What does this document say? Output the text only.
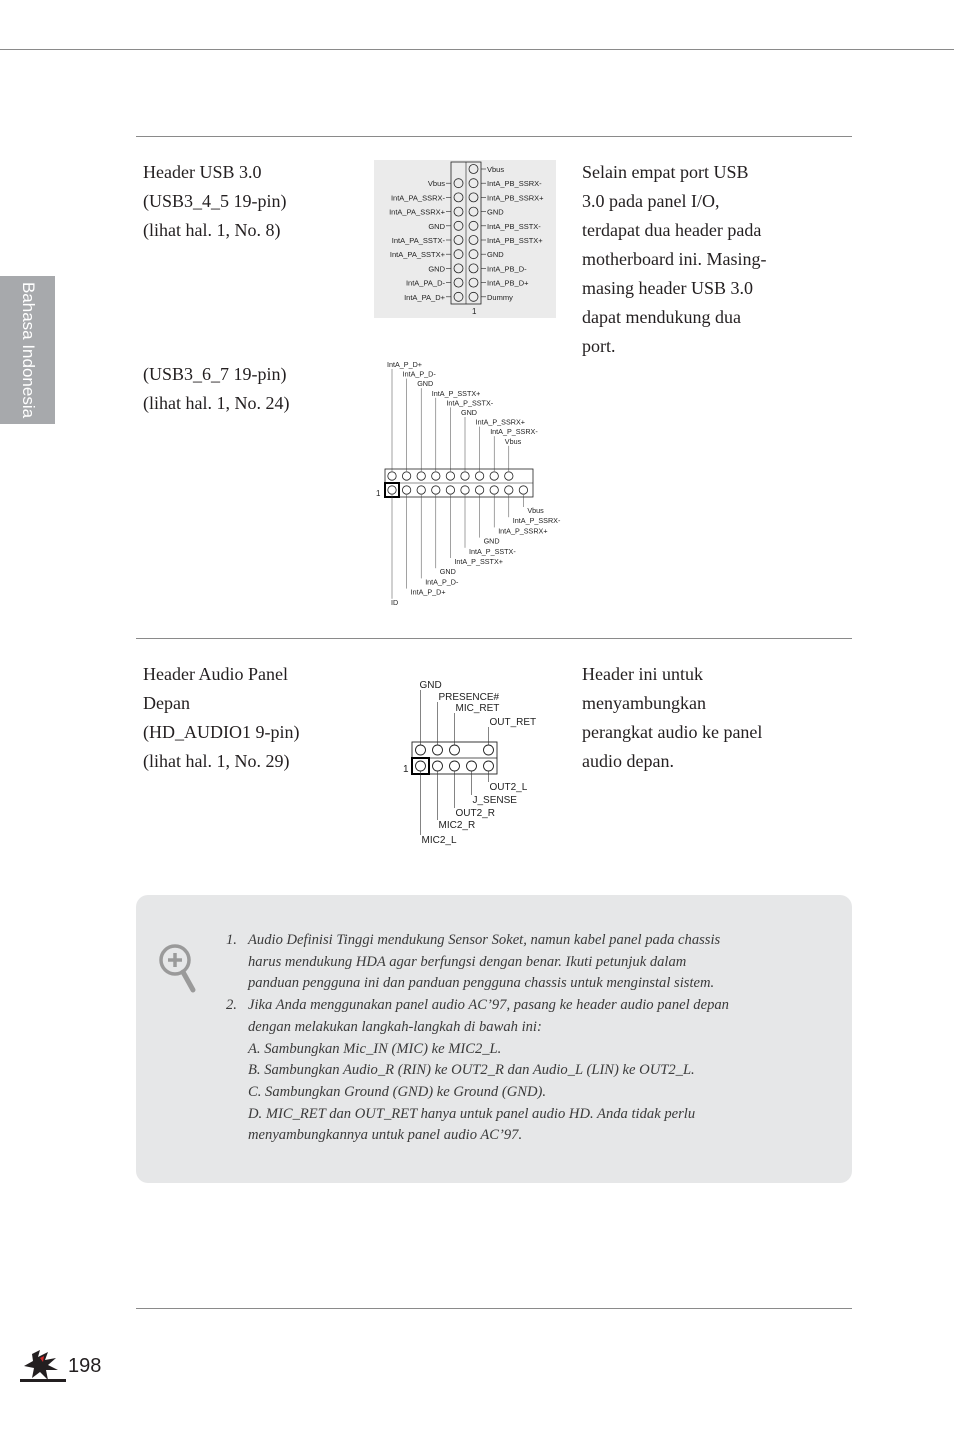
Bahasa Indonesia
Header USB 3.0
(USB3_4_5 19-pin)
(lihat hal. 1, No. 8)
(USB3_6_7 19-pin)
(lihat hal. 1, No. 24)
Selain empat port USB
3.0 pada panel I/O,
terdapat dua header pada
motherboard ini. Masing-
masing header USB 3.0
dapat mendukung dua
port.
Vbus
IntA_PB_SSRX-
Vbus
IntA_PB_SSRX+
IntA_PA_SSRX-
GND
IntA_PA_SSRX+
IntA_PB_SSTX-
GND
IntA_PB_SSTX+
IntA_PA_SSTX-
GND
IntA_PA_SSTX+
IntA_PB_D-
GND
IntA_PB_D+
IntA_PA_D-
Dummy
IntA_PA_D+
1
IntA_P_D+
IntA_P_D-
GND
IntA_P_SSTX+
IntA_P_SSTX-
GND
IntA_P_SSRX+
IntA_P_SSRX-
Vbus
Vbus
IntA_P_SSRX-
IntA_P_SSRX+
GND
IntA_P_SSTX-
IntA_P_SSTX+
GND
IntA_P_D-
IntA_P_D+
ID
1
Header Audio Panel
Depan
(HD_AUDIO1 9-pin)
(lihat hal. 1, No. 29)
Header ini untuk
menyambungkan
perangkat audio ke panel
audio depan.
GND
PRESENCE#
MIC_RET
OUT_RET
OUT2_L
J_SENSE
OUT2_R
MIC2_R
MIC2_L
1
1. Audio Definisi Tinggi mendukung Sensor Soket, namun kabel panel pada chassis
harus mendukung HDA agar berfungsi dengan benar. Ikuti petunjuk dalam
panduan pengguna ini dan panduan pengguna chassis untuk menginstal sistem.
2. Jika Anda menggunakan panel audio AC’97, pasang ke header audio panel depan
dengan melakukan langkah-langkah di bawah ini:
A. Sambungkan Mic_IN (MIC) ke MIC2_L.
B. Sambungkan Audio_R (RIN) ke OUT2_R dan Audio_L (LIN) ke OUT2_L.
C. Sambungkan Ground (GND) ke Ground (GND).
D. MIC_RET dan OUT_RET hanya untuk panel audio HD. Anda tidak perlu
menyambungkannya untuk panel audio AC’97.
198
